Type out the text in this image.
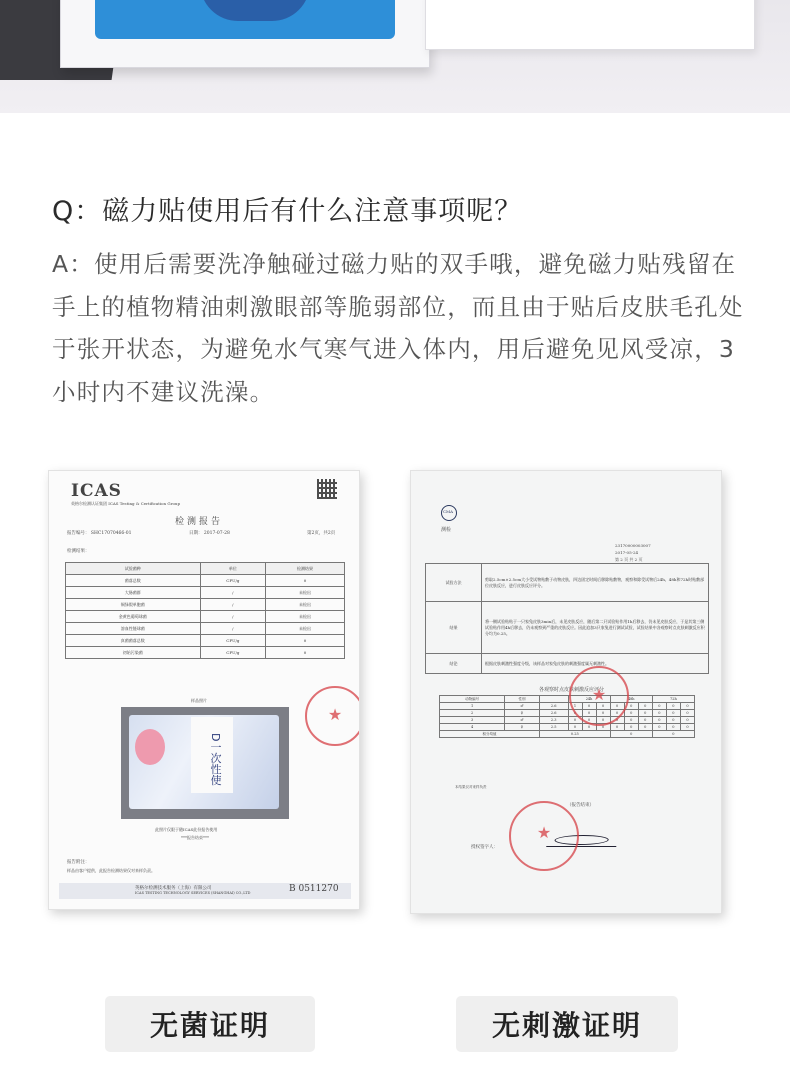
Q：磁力贴使用后有什么注意事项呢？
A：使用后需要洗净触碰过磁力贴的双手哦，避免磁力贴残留在手上的植物精油刺激眼部等脆弱部位，而且由于贴后皮肤毛孔处于张开状态，为避免水气寒气进入体内，用后避免见风受凉，3小时内不建议洗澡。
ICAS
英格尔检测认证集团 ICAS Testing & Certification Group
检测报告
报告编号： SHC17070466-01	日期： 2017-07-28	第2页，共2页
检测结果：
试验菌种	单位	检测结果
菌落总数	CFU/g	0
大肠菌群	/	未检出
铜绿假单胞菌	/	未检出
金黄色葡萄球菌	/	未检出
溶血性链球菌	/	未检出
真菌菌落总数	CFU/g	0
初始污染菌	CFU/g	0
样品照片
D一次性使
此照片仅限于随ICAS此份报告使用
***报告结束***
报告附注：
样品由客户提供，此报告检测结果仅对来样负责。
英格尔检测技术服务（上海）有限公司
ICAS TESTING TECHNOLOGY SERVICES (SHANGHAI) CO.,LTD	B 0511270
★
测检
CMA
23170000003007
2017-05-24
第 2 页 共 2 页
试验方法	剪取2.5cm×2.5cm大小受试物贴敷于动物皮肤，四边固定时间后移除贴敷物，观察和除受试物后24h、48h和72h时贴敷部位皮肤反应，进行皮肤反应评分。
结果	将一侧试验贴贴于一只家兔皮肤3min后，未见皮肤反应，随后第二只试验贴作用1h后移去，仍未见皮肤反应，于是其第三侧试验贴作用4h后移去，仍未观察到严重的皮肤反应。因此追加3只家兔进行测试试验，试验结果中各观察时点皮肤刺激反应积分均为0.25。
结论	根据皮肤刺激性强度分级，该样品对家兔皮肤的刺激强度属无刺激性。
各观察时点皮肤刺激反应评分
动物编号	性别		24h			48h			72h		
1	♂	2.6	1	0	0	0	0	0	0	0	0
2	♀	2.6	0	0	0	0	0	0	0	0	0
3	♂	2.3	0	0	0	0	0	0	0	0	0
4	♀	2.5	0	0	0	0	0	0	0	0	0
积分均值		0.25				0			0		
本结果仅对来样负责
（报告结束）
授权签字人：
★
★
无菌证明	无刺激证明
